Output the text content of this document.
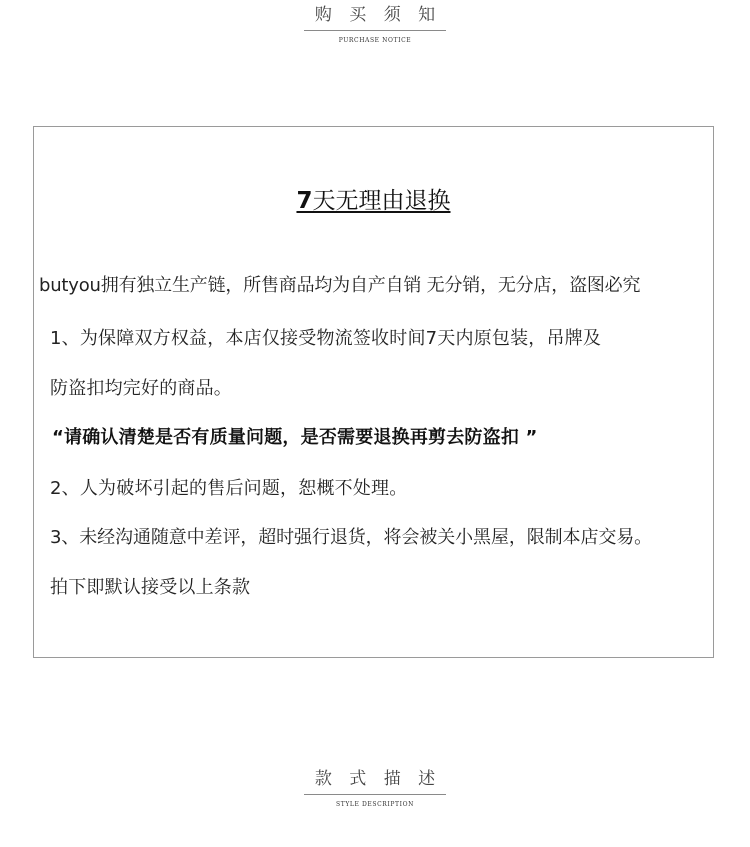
购 买 须 知
PURCHASE NOTICE
7天无理由退换
butyou拥有独立生产链，所售商品均为自产自销 无分销，无分店，盗图必究
1、为保障双方权益，本店仅接受物流签收时间7天内原包装，吊牌及
防盗扣均完好的商品。
“请确认清楚是否有质量问题，是否需要退换再剪去防盗扣 ”
2、人为破坏引起的售后问题，恕概不处理。
3、未经沟通随意中差评，超时强行退货，将会被关小黑屋，限制本店交易。
拍下即默认接受以上条款
款 式 描 述
STYLE DESCRIPTION
